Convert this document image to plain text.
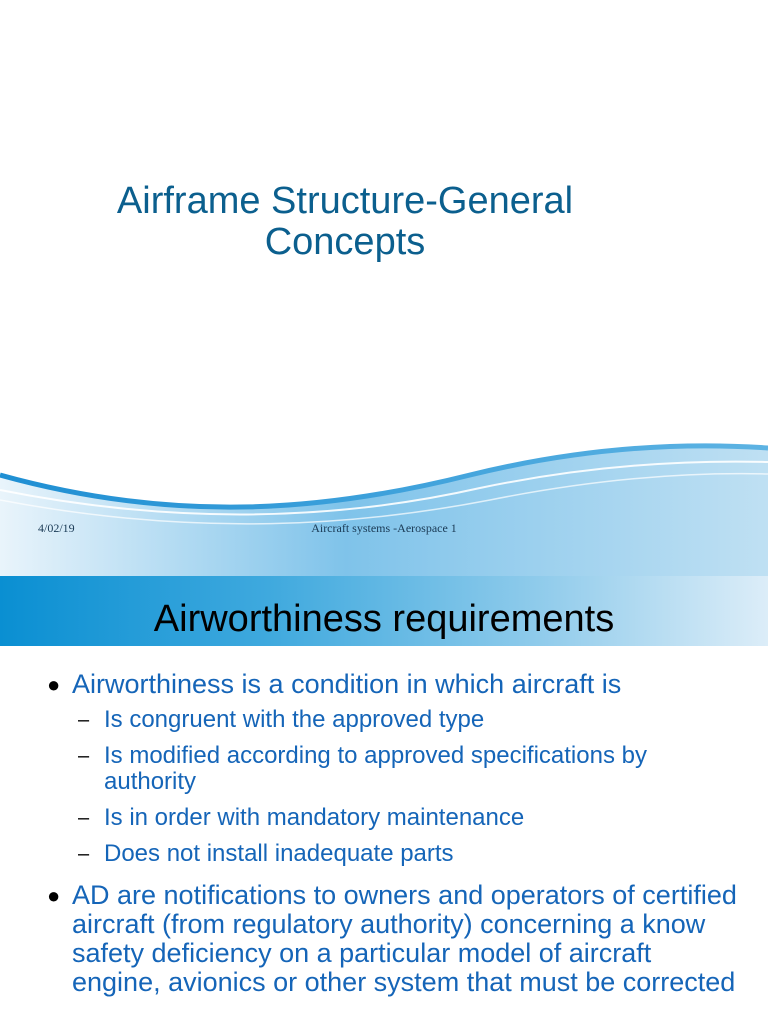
Airframe Structure-General
Concepts
4/02/19	Aircraft systems -Aerospace 1
Airworthiness requirements
● Airworthiness is a condition in which aircraft is
– Is congruent with the approved type
– Is modified according to approved specifications by authority
– Is in order with mandatory maintenance
– Does not install inadequate parts
● AD are notifications to owners and operators of certified aircraft (from regulatory authority) concerning a know safety deficiency on a particular model of aircraft engine, avionics or other system that must be corrected
